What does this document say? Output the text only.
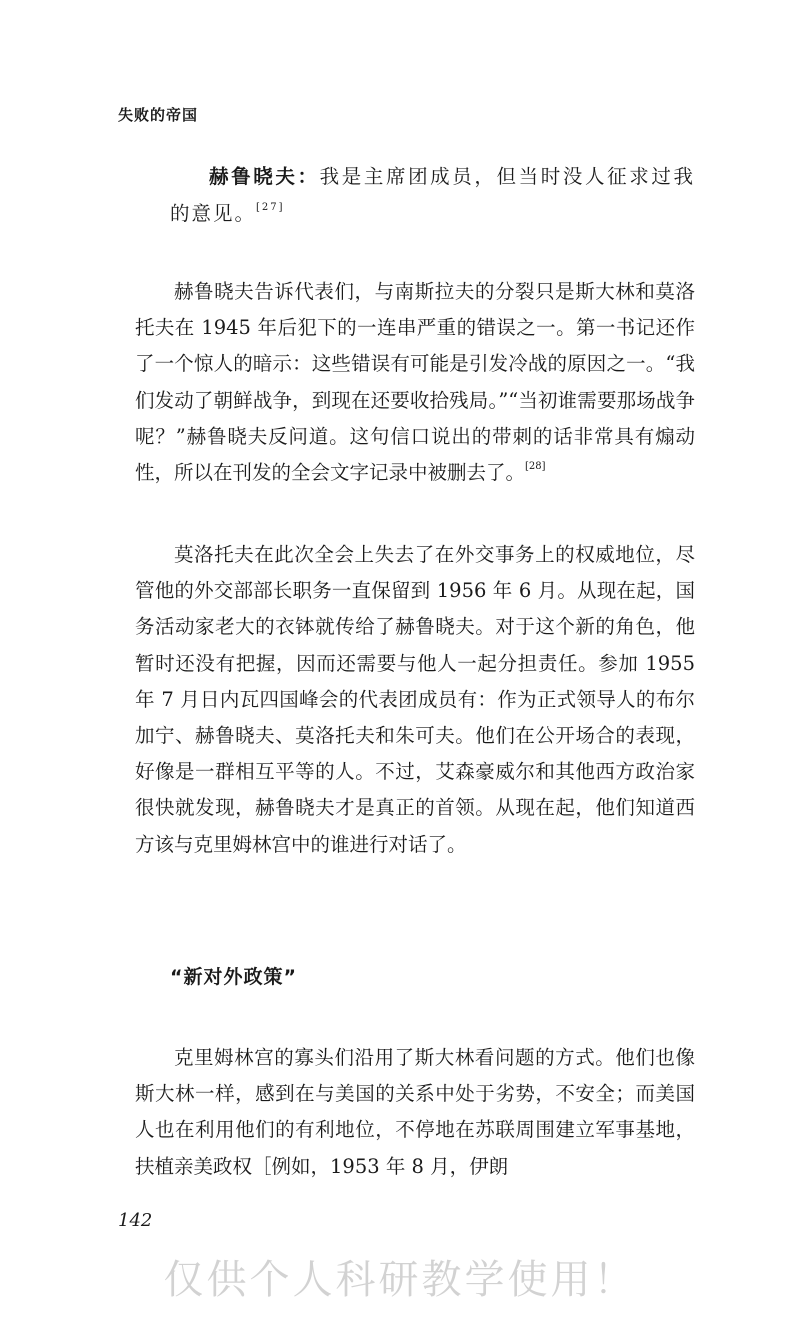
失败的帝国

赫鲁晓夫：我是主席团成员，但当时没人征求过我的意见。[27]

赫鲁晓夫告诉代表们，与南斯拉夫的分裂只是斯大林和莫洛托夫在 1945 年后犯下的一连串严重的错误之一。第一书记还作了一个惊人的暗示：这些错误有可能是引发冷战的原因之一。“我们发动了朝鲜战争，到现在还要收拾残局。”“当初谁需要那场战争呢？”赫鲁晓夫反问道。这句信口说出的带刺的话非常具有煽动性，所以在刊发的全会文字记录中被删去了。[28]

莫洛托夫在此次全会上失去了在外交事务上的权威地位，尽管他的外交部部长职务一直保留到 1956 年 6 月。从现在起，国务活动家老大的衣钵就传给了赫鲁晓夫。对于这个新的角色，他暂时还没有把握，因而还需要与他人一起分担责任。参加 1955 年 7 月日内瓦四国峰会的代表团成员有：作为正式领导人的布尔加宁、赫鲁晓夫、莫洛托夫和朱可夫。他们在公开场合的表现，好像是一群相互平等的人。不过，艾森豪威尔和其他西方政治家很快就发现，赫鲁晓夫才是真正的首领。从现在起，他们知道西方该与克里姆林宫中的谁进行对话了。

“新对外政策”

克里姆林宫的寡头们沿用了斯大林看问题的方式。他们也像斯大林一样，感到在与美国的关系中处于劣势，不安全；而美国人也在利用他们的有利地位，不停地在苏联周围建立军事基地，扶植亲美政权［例如，1953 年 8 月，伊朗

142
仅供个人科研教学使用！
